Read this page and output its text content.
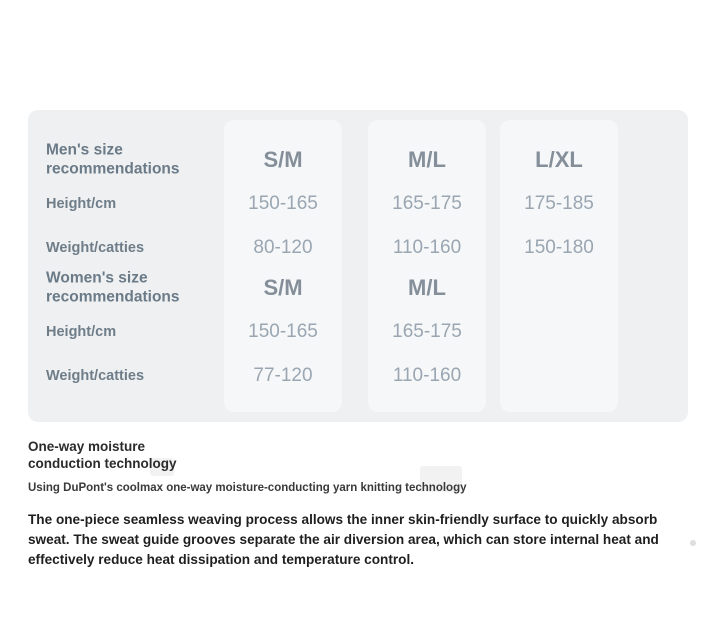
Men's size recommendations	S/M	M/L	L/XL
Height/cm	150-165	165-175	175-185
Weight/catties	80-120	110-160	150-180
Women's size recommendations	S/M	M/L
Height/cm	150-165	165-175
Weight/catties	77-120	110-160
One-way moisture conduction technology
Using DuPont's coolmax one-way moisture-conducting yarn knitting technology
The one-piece seamless weaving process allows the inner skin-friendly surface to quickly absorb sweat. The sweat guide grooves separate the air diversion area, which can store internal heat and effectively reduce heat dissipation and temperature control.
